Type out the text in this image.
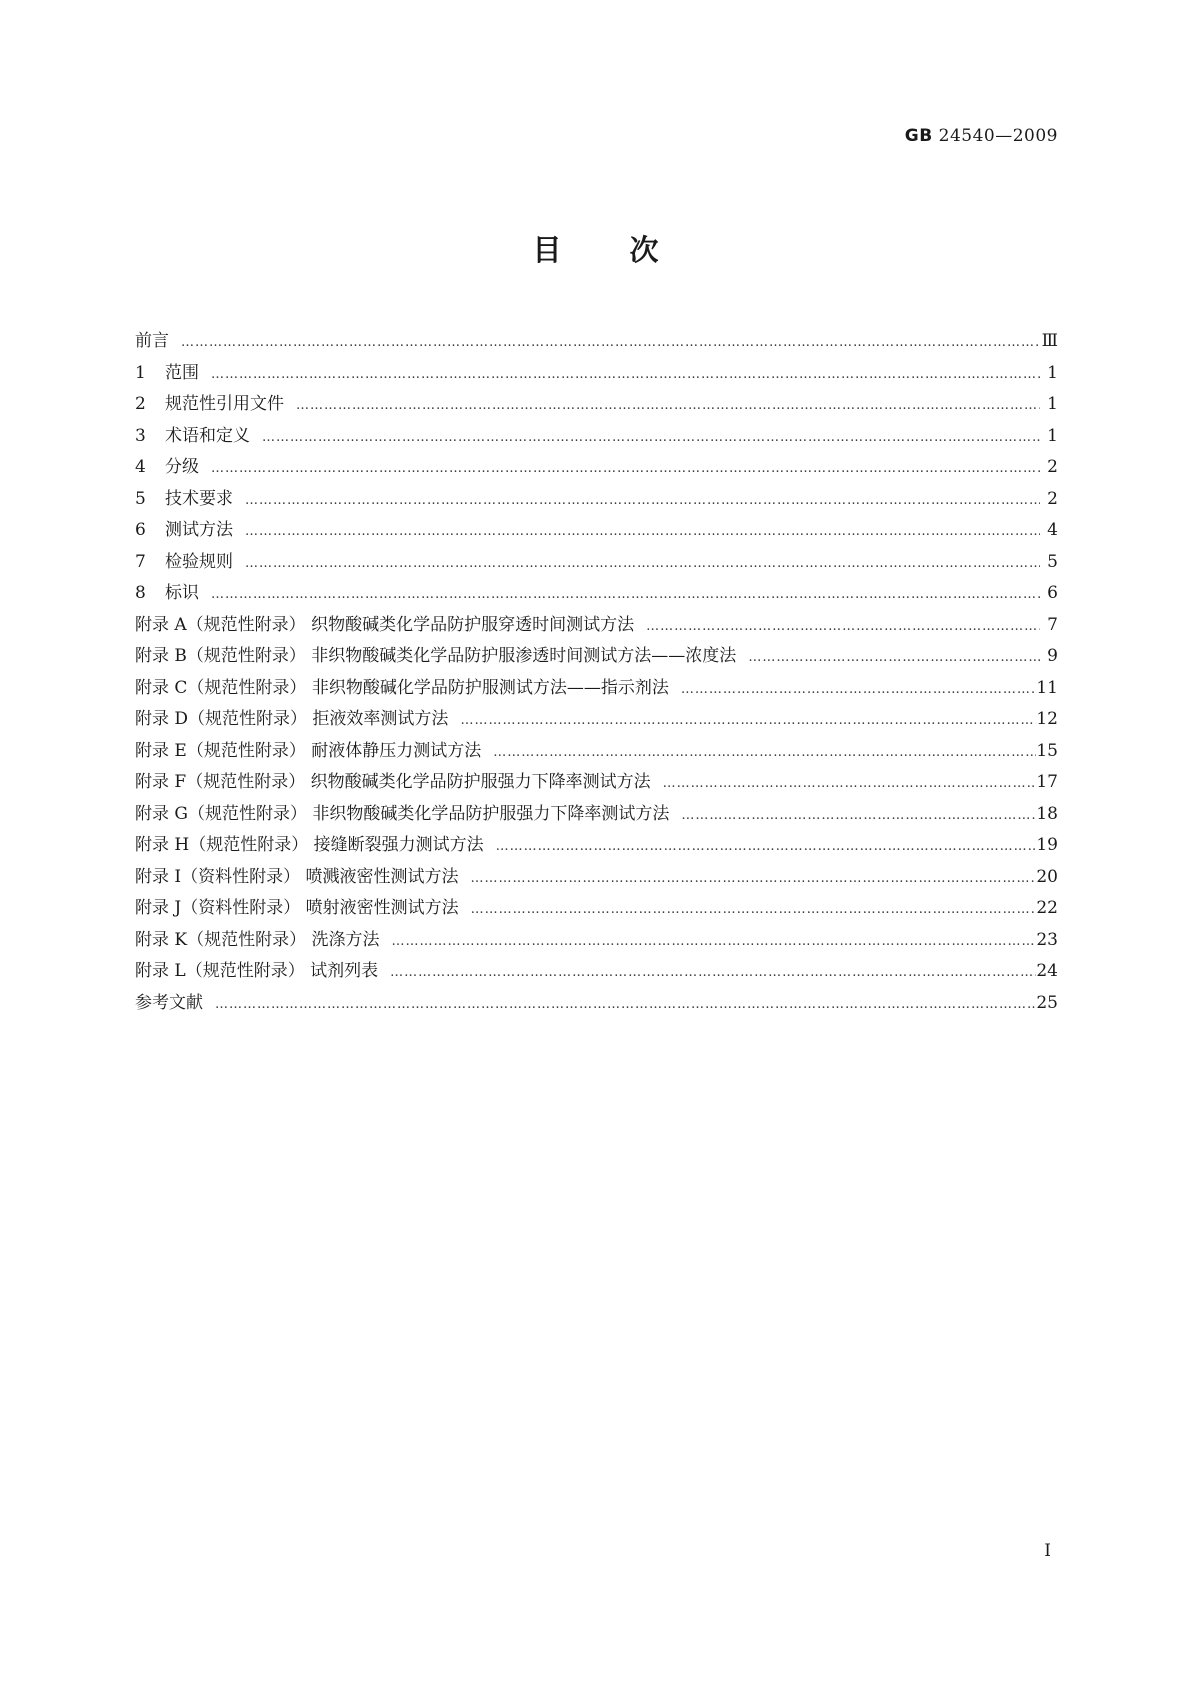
GB 24540—2009
目次
前言 …………………………………………………………………………………………………………………………………………………………………………………………………………………………	Ⅲ
1	范围 …………………………………………………………………………………………………………………………………………………………………………………………………………………………	1
2	规范性引用文件 …………………………………………………………………………………………………………………………………………………………………………………………………………………………	1
3	术语和定义 …………………………………………………………………………………………………………………………………………………………………………………………………………………………	1
4	分级 …………………………………………………………………………………………………………………………………………………………………………………………………………………………	2
5	技术要求 …………………………………………………………………………………………………………………………………………………………………………………………………………………………	2
6	测试方法 …………………………………………………………………………………………………………………………………………………………………………………………………………………………	4
7	检验规则 …………………………………………………………………………………………………………………………………………………………………………………………………………………………	5
8	标识 …………………………………………………………………………………………………………………………………………………………………………………………………………………………	6
附录 A（规范性附录） 织物酸碱类化学品防护服穿透时间测试方法 …………………………………………………………………………………………………………………………………………………………………………………………………………………………	7
附录 B（规范性附录） 非织物酸碱类化学品防护服渗透时间测试方法——浓度法 …………………………………………………………………………………………………………………………………………………………………………………………………………………………	9
附录 C（规范性附录） 非织物酸碱化学品防护服测试方法——指示剂法 …………………………………………………………………………………………………………………………………………………………………………………………………………………………	11
附录 D（规范性附录） 拒液效率测试方法 …………………………………………………………………………………………………………………………………………………………………………………………………………………………	12
附录 E（规范性附录） 耐液体静压力测试方法 …………………………………………………………………………………………………………………………………………………………………………………………………………………………	15
附录 F（规范性附录） 织物酸碱类化学品防护服强力下降率测试方法 …………………………………………………………………………………………………………………………………………………………………………………………………………………………	17
附录 G（规范性附录） 非织物酸碱类化学品防护服强力下降率测试方法 …………………………………………………………………………………………………………………………………………………………………………………………………………………………	18
附录 H（规范性附录） 接缝断裂强力测试方法 …………………………………………………………………………………………………………………………………………………………………………………………………………………………	19
附录 I（资料性附录） 喷溅液密性测试方法 …………………………………………………………………………………………………………………………………………………………………………………………………………………………	20
附录 J（资料性附录） 喷射液密性测试方法 …………………………………………………………………………………………………………………………………………………………………………………………………………………………	22
附录 K（规范性附录） 洗涤方法 …………………………………………………………………………………………………………………………………………………………………………………………………………………………	23
附录 L（规范性附录） 试剂列表 …………………………………………………………………………………………………………………………………………………………………………………………………………………………	24
参考文献 …………………………………………………………………………………………………………………………………………………………………………………………………………………………	25
I
